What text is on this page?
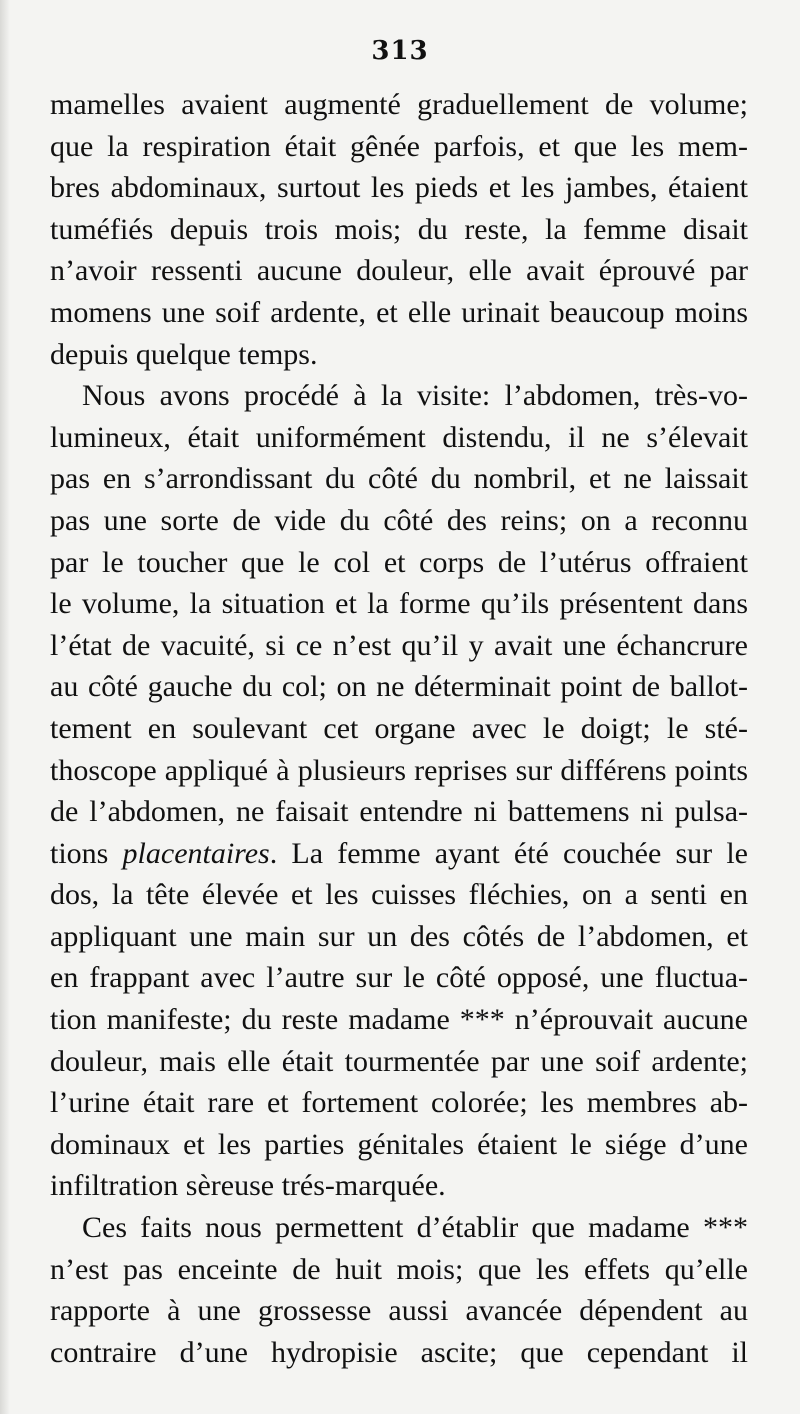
313
mamelles avaient augmenté graduellement de volume;
que la respiration était gênée parfois, et que les mem-
bres abdominaux, surtout les pieds et les jambes, étaient
tuméfiés depuis trois mois; du reste, la femme disait
n’avoir ressenti aucune douleur, elle avait éprouvé par
momens une soif ardente, et elle urinait beaucoup moins
depuis quelque temps.
Nous avons procédé à la visite: l’abdomen, très-vo-
lumineux, était uniformément distendu, il ne s’élevait
pas en s’arrondissant du côté du nombril, et ne laissait
pas une sorte de vide du côté des reins; on a reconnu
par le toucher que le col et corps de l’utérus offraient
le volume, la situation et la forme qu’ils présentent dans
l’état de vacuité, si ce n’est qu’il y avait une échancrure
au côté gauche du col; on ne déterminait point de ballot-
tement en soulevant cet organe avec le doigt; le sté-
thoscope appliqué à plusieurs reprises sur différens points
de l’abdomen, ne faisait entendre ni battemens ni pulsa-
tions placentaires. La femme ayant été couchée sur le
dos, la tête élevée et les cuisses fléchies, on a senti en
appliquant une main sur un des côtés de l’abdomen, et
en frappant avec l’autre sur le côté opposé, une fluctua-
tion manifeste; du reste madame *** n’éprouvait aucune
douleur, mais elle était tourmentée par une soif ardente;
l’urine était rare et fortement colorée; les membres ab-
dominaux et les parties génitales étaient le siége d’une
infiltration sèreuse trés-marquée.
Ces faits nous permettent d’établir que madame ***
n’est pas enceinte de huit mois; que les effets qu’elle
rapporte à une grossesse aussi avancée dépendent au
contraire d’une hydropisie ascite; que cependant il
